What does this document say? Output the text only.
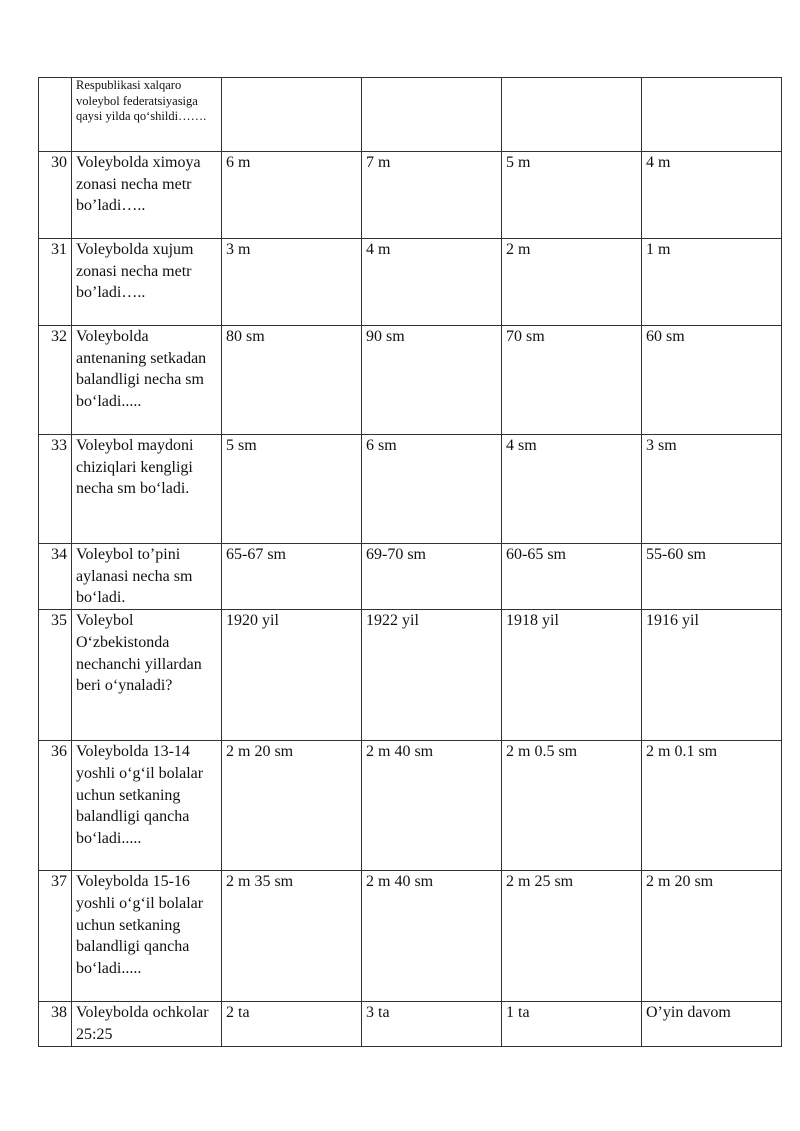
	Respublikasi xalqaro voleybol federatsiyasiga qaysi yilda qo‘shildi…….				
30	Voleybolda ximoya zonasi necha metr bo’ladi…..	6 m	7 m	5 m	4 m
31	Voleybolda xujum zonasi necha metr bo’ladi…..	3 m	4 m	2 m	1 m
32	Voleybolda antenaning setkadan balandligi necha sm bo‘ladi.....	80 sm	90 sm	70 sm	60 sm
33	Voleybol maydoni chiziqlari kengligi necha sm bo‘ladi.	5 sm	6 sm	4 sm	3 sm
34	Voleybol to’pini aylanasi necha sm bo‘ladi.	65-67 sm	69-70 sm	60-65 sm	55-60 sm
35	Voleybol O‘zbekistonda nechanchi yillardan beri o‘ynaladi?	1920 yil	1922 yil	1918 yil	1916 yil
36	Voleybolda 13-14 yoshli o‘g‘il bolalar uchun setkaning balandligi qancha bo‘ladi.....	2 m 20 sm	2 m 40 sm	2 m 0.5 sm	2 m 0.1 sm
37	Voleybolda 15-16 yoshli o‘g‘il bolalar uchun setkaning balandligi qancha bo‘ladi.....	2 m 35 sm	2 m 40 sm	2 m 25 sm	2 m 20 sm
38	Voleybolda ochkolar 25:25	2 ta	3 ta	1 ta	O’yin davom
